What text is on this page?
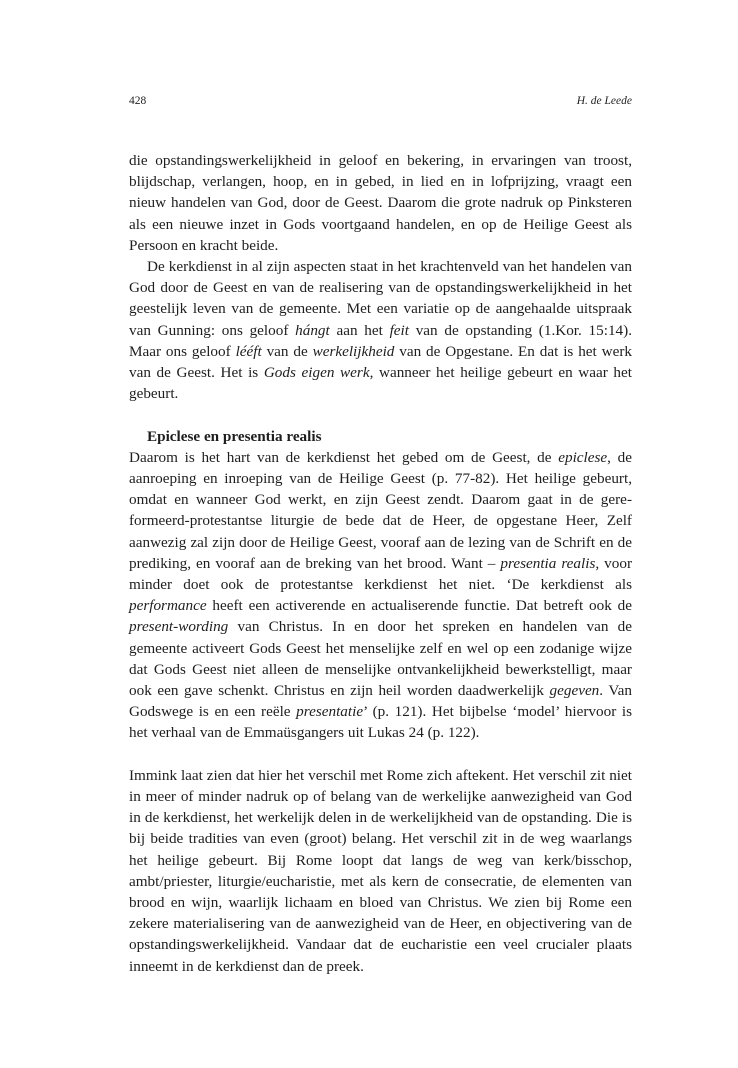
428	H. de Leede

die opstandingswerkelijkheid in geloof en bekering, in ervaringen van troost, blijdschap, verlangen, hoop, en in gebed, in lied en in lofprijzing, vraagt een nieuw handelen van God, door de Geest. Daarom die grote nadruk op Pinksteren als een nieuwe inzet in Gods voortgaand handelen, en op de Heilige Geest als Persoon en kracht beide.

De kerkdienst in al zijn aspecten staat in het krachtenveld van het handelen van God door de Geest en van de realisering van de opstandingswerkelijkheid in het geestelijk leven van de gemeente. Met een variatie op de aangehaalde uitspraak van Gunning: ons geloof hángt aan het feit van de opstanding (1.Kor. 15:14). Maar ons geloof lééft van de werkelijkheid van de Opgestane. En dat is het werk van de Geest. Het is Gods eigen werk, wanneer het heilige gebeurt en waar het gebeurt.

Epiclese en presentia realis

Daarom is het hart van de kerkdienst het gebed om de Geest, de epiclese, de aanroeping en inroeping van de Heilige Geest (p. 77-82). Het heilige gebeurt, omdat en wanneer God werkt, en zijn Geest zendt. Daarom gaat in de gereformeerd-protestantse liturgie de bede dat de Heer, de opgestane Heer, Zelf aanwezig zal zijn door de Heilige Geest, vooraf aan de lezing van de Schrift en de prediking, en vooraf aan de breking van het brood. Want – presentia realis, voor minder doet ook de protestantse kerkdienst het niet. ‘De kerkdienst als performance heeft een activerende en actualiserende functie. Dat betreft ook de present-wording van Christus. In en door het spreken en handelen van de gemeente activeert Gods Geest het menselijke zelf en wel op een zodanige wijze dat Gods Geest niet alleen de menselijke ontvankelijkheid bewerkstelligt, maar ook een gave schenkt. Christus en zijn heil worden daadwerkelijk gegeven. Van Godswege is en een reële presentatie’ (p. 121). Het bijbelse ‘model’ hiervoor is het verhaal van de Emmaüsgangers uit Lukas 24 (p. 122).

Immink laat zien dat hier het verschil met Rome zich aftekent. Het verschil zit niet in meer of minder nadruk op of belang van de werkelijke aanwezigheid van God in de kerkdienst, het werkelijk delen in de werkelijkheid van de opstanding. Die is bij beide tradities van even (groot) belang. Het verschil zit in de weg waarlangs het heilige gebeurt. Bij Rome loopt dat langs de weg van kerk/bisschop, ambt/priester, liturgie/eucharistie, met als kern de consecratie, de elementen van brood en wijn, waarlijk lichaam en bloed van Christus. We zien bij Rome een zekere materialisering van de aanwezigheid van de Heer, en objectivering van de opstandingswerkelijkheid. Vandaar dat de eucharistie een veel crucialer plaats inneemt in de kerkdienst dan de preek.
